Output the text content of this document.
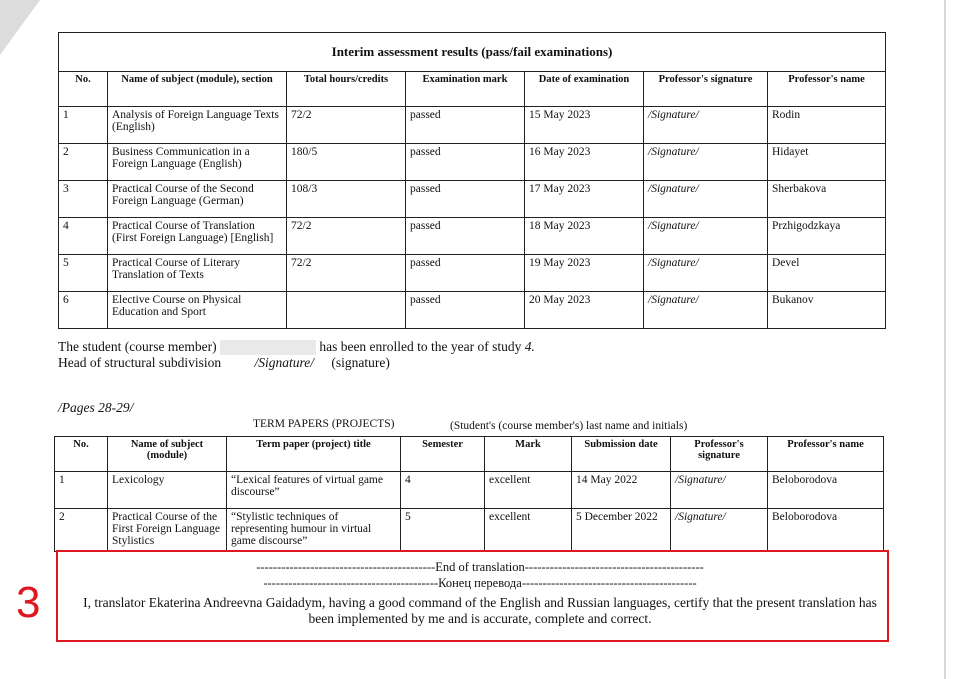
Interim assessment results (pass/fail examinations)						
No.	Name of subject (module), section	Total hours/credits	Examination mark	Date of examination	Professor's signature	Professor's name
1	Analysis of Foreign Language Texts (English)	72/2	passed	15 May 2023	/Signature/	Rodin
2	Business Communication in a Foreign Language (English)	180/5	passed	16 May 2023	/Signature/	Hidayet
3	Practical Course of the Second Foreign Language (German)	108/3	passed	17 May 2023	/Signature/	Sherbakova
4	Practical Course of Translation (First Foreign Language) [English]	72/2	passed	18 May 2023	/Signature/	Przhigodzkaya
5	Practical Course of Literary Translation of Texts	72/2	passed	19 May 2023	/Signature/	Devel
6	Elective Course on Physical Education and Sport		passed	20 May 2023	/Signature/	Bukanov
The student (course member)	has been enrolled to the year of study 4.
Head of structural subdivision /Signature/ (signature)
/Pages 28-29/
TERM PAPERS (PROJECTS)	(Student's (course member's) last name and initials)
No.	Name of subject (module)	Term paper (project) title	Semester	Mark	Submission date	Professor's signature	Professor's name
1	Lexicology	“Lexical features of virtual game discourse”	4	excellent	14 May 2022	/Signature/	Beloborodova
2	Practical Course of the First Foreign Language Stylistics	“Stylistic techniques of representing humour in virtual game discourse”	5	excellent	5 December 2022	/Signature/	Beloborodova
3
-------------------------------------------End of translation-------------------------------------------
------------------------------------------Конец перевода------------------------------------------
I, translator Ekaterina Andreevna Gaidadym, having a good command of the English and Russian languages, certify that the present translation has
been implemented by me and is accurate, complete and correct.
